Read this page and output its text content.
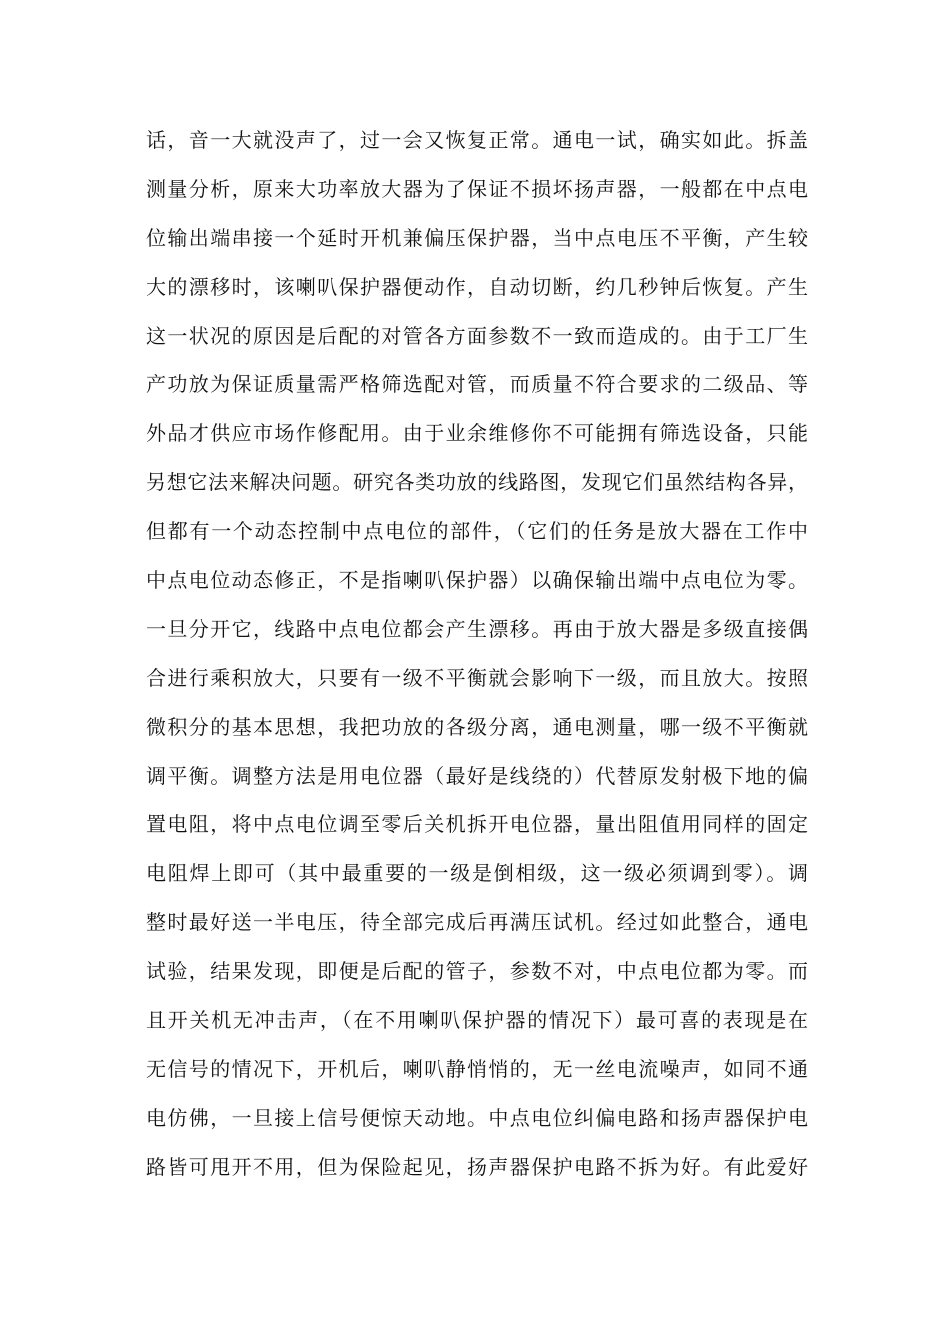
话，音一大就没声了，过一会又恢复正常。通电一试，确实如此。拆盖
测量分析，原来大功率放大器为了保证不损坏扬声器，一般都在中点电
位输出端串接一个延时开机兼偏压保护器，当中点电压不平衡，产生较
大的漂移时，该喇叭保护器便动作，自动切断，约几秒钟后恢复。产生
这一状况的原因是后配的对管各方面参数不一致而造成的。由于工厂生
产功放为保证质量需严格筛选配对管，而质量不符合要求的二级品、等
外品才供应市场作修配用。由于业余维修你不可能拥有筛选设备，只能
另想它法来解决问题。研究各类功放的线路图，发现它们虽然结构各异，
但都有一个动态控制中点电位的部件，（它们的任务是放大器在工作中
中点电位动态修正，不是指喇叭保护器）以确保输出端中点电位为零。
一旦分开它，线路中点电位都会产生漂移。再由于放大器是多级直接偶
合进行乘积放大，只要有一级不平衡就会影响下一级，而且放大。按照
微积分的基本思想，我把功放的各级分离，通电测量，哪一级不平衡就
调平衡。调整方法是用电位器（最好是线绕的）代替原发射极下地的偏
置电阻，将中点电位调至零后关机拆开电位器，量出阻值用同样的固定
电阻焊上即可（其中最重要的一级是倒相级，这一级必须调到零）。调
整时最好送一半电压，待全部完成后再满压试机。经过如此整合，通电
试验，结果发现，即便是后配的管子，参数不对，中点电位都为零。而
且开关机无冲击声，（在不用喇叭保护器的情况下）最可喜的表现是在
无信号的情况下，开机后，喇叭静悄悄的，无一丝电流噪声，如同不通
电仿佛，一旦接上信号便惊天动地。中点电位纠偏电路和扬声器保护电
路皆可甩开不用，但为保险起见，扬声器保护电路不拆为好。有此爱好
